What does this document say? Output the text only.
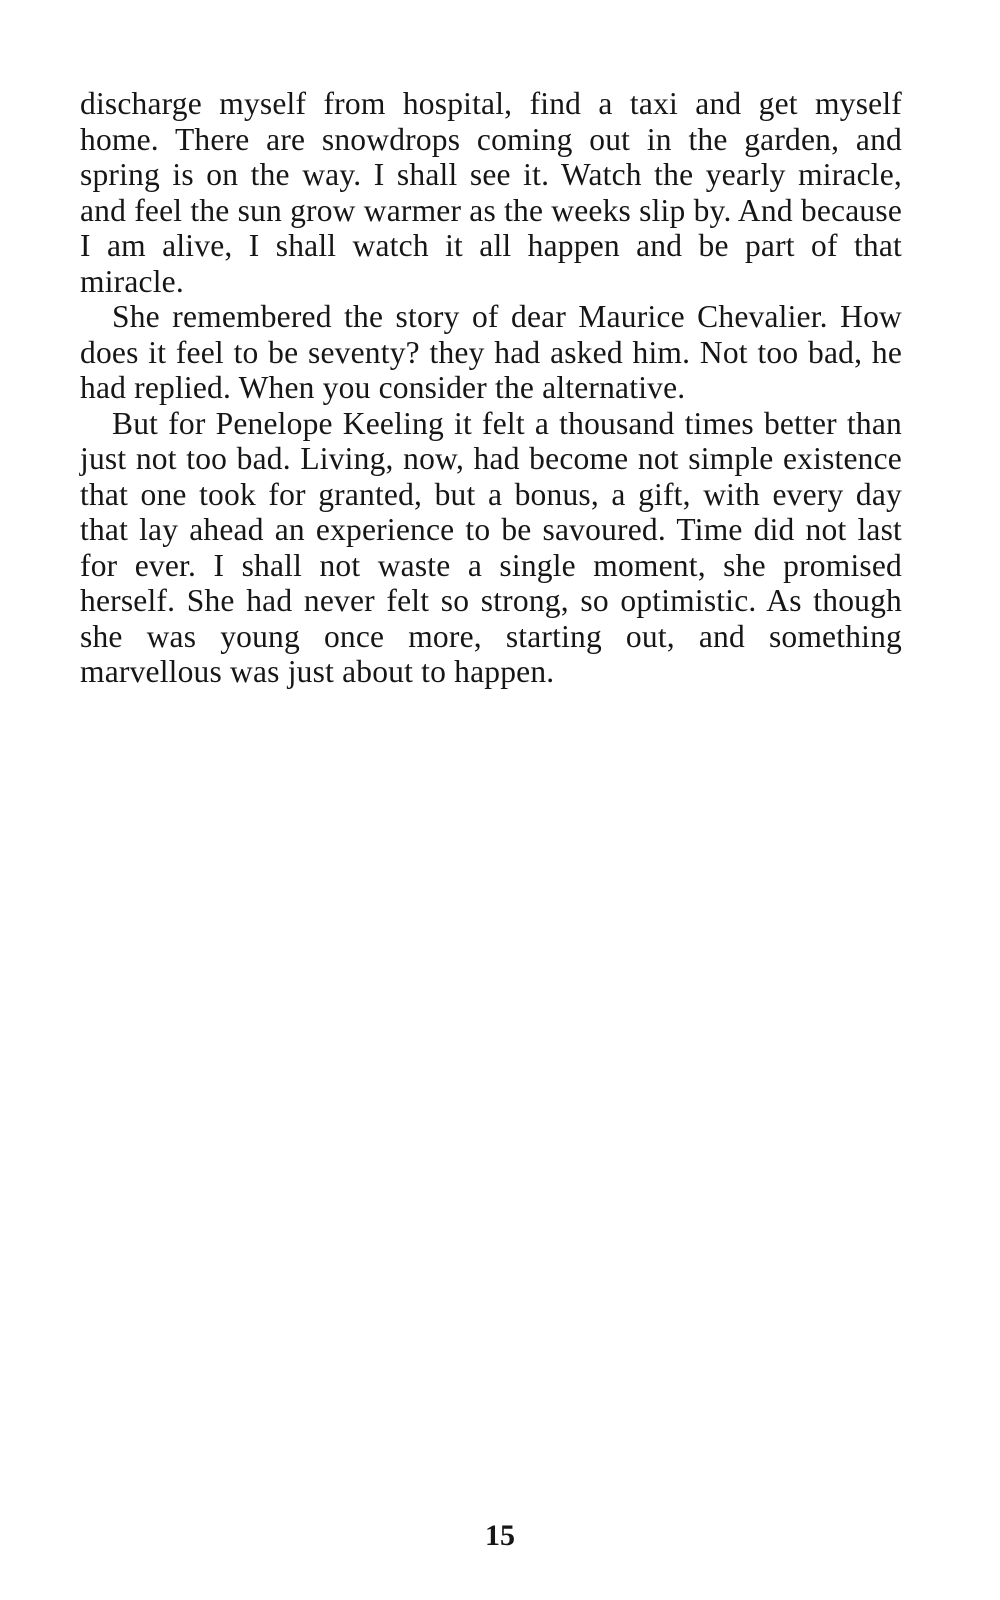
discharge myself from hospital, find a taxi and get myself home. There are snowdrops coming out in the garden, and spring is on the way. I shall see it. Watch the yearly miracle, and feel the sun grow warmer as the weeks slip by. And because I am alive, I shall watch it all happen and be part of that miracle.

She remembered the story of dear Maurice Chevalier. How does it feel to be seventy? they had asked him. Not too bad, he had replied. When you consider the alternative.

But for Penelope Keeling it felt a thousand times better than just not too bad. Living, now, had become not simple existence that one took for granted, but a bonus, a gift, with every day that lay ahead an experience to be savoured. Time did not last for ever. I shall not waste a single moment, she promised herself. She had never felt so strong, so optimistic. As though she was young once more, starting out, and something marvellous was just about to happen.

15
